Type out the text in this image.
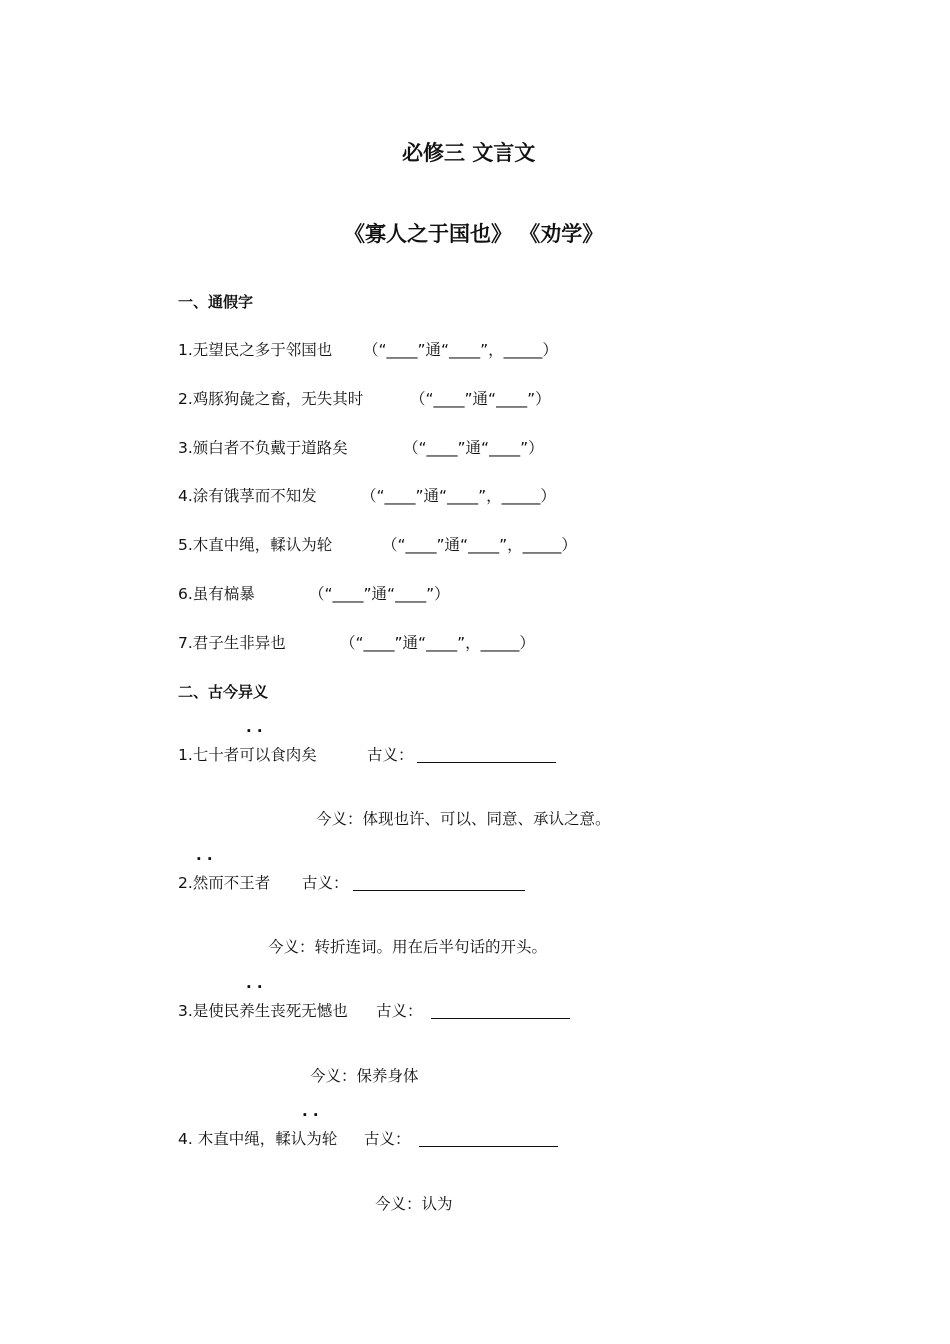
必修三 文言文
《寡人之于国也》 《劝学》
一、通假字
1.无望民之多于邻国也 （“____”通“____”，_____）
2.鸡豚狗彘之畜，无失其时	（“____”通“____”）
3.颁白者不负戴于道路矣	（“____”通“____”）
4.涂有饿莩而不知发	（“____”通“____”，_____）
5.木直中绳，輮认为轮	（“____”通“____”，_____）
6.虽有槁暴	（“____”通“____”）
7.君子生非异也	（“____”通“____”，_____）
二、古今异义
· ·
1.七十者可以食肉矣	古义：
今义：体现也许、可以、同意、承认之意。
· ·
2.然而不王者 古义：
今义：转折连词。用在后半句话的开头。
· ·
3.是使民养生丧死无憾也 古义：
今义：保养身体
· ·
4. 木直中绳，輮认为轮 古义：
今义：认为
